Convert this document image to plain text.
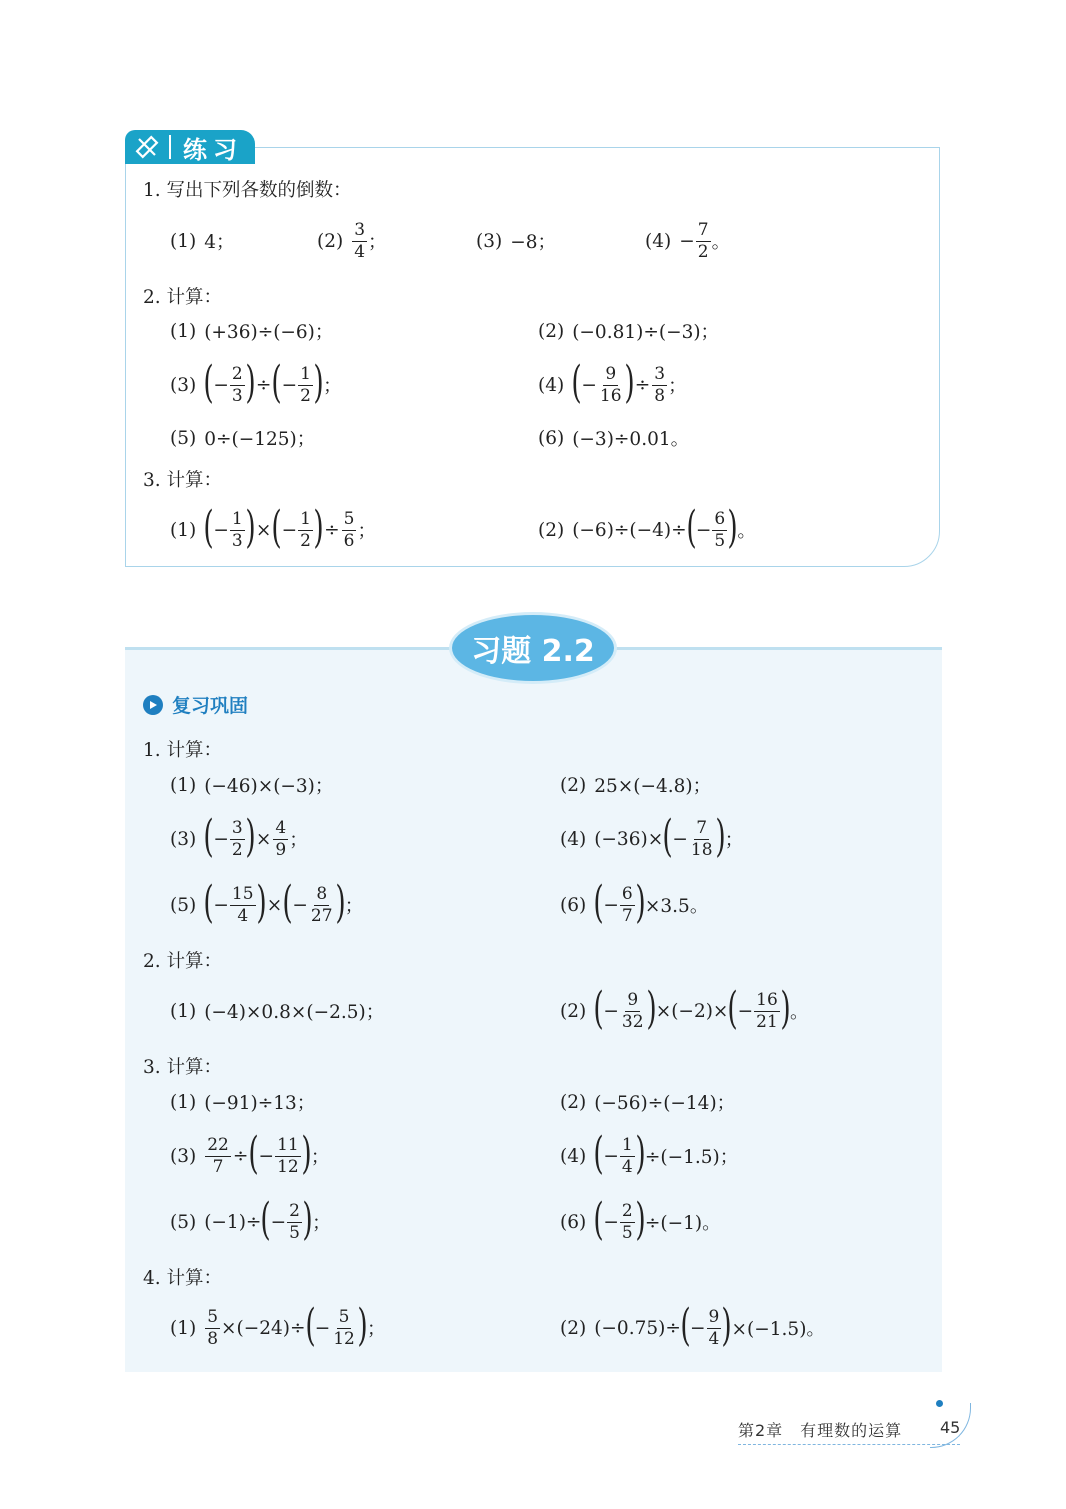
练习
1. 写出下列各数的倒数：
(1) 4；	$(2) \frac{3}{4}$ ；	(3) −8；	$(4) - \frac{7}{2}$ 。
2. 计算：
(1) (+36)÷(−6)；	(2) (−0.81)÷(−3)；
(3) ( − $\frac{2}{3}$ ) ÷ ( − $\frac{1}{2}$ ) ；	(4) ( − $\frac{9}{16}$ ) ÷ $\frac{3}{8}$ ；
(5) 0÷(−125)；	(6) (−3)÷0.01。
3. 计算：
(1) ( − $\frac{1}{3}$ ) × ( − $\frac{1}{2}$ ) ÷ $\frac{5}{6}$ ；	(2) (−6)÷(−4)÷ ( − $\frac{6}{5}$ ) 。
习题 2.2
复习巩固
1. 计算：
(1) (−46)×(−3)；	(2) 25×(−4.8)；
(3) ( − $\frac{3}{2}$ ) × $\frac{4}{9}$ ；	(4) (−36)× ( − $\frac{7}{18}$ ) ；
(5) ( − $\frac{15}{4}$ ) × ( − $\frac{8}{27}$ ) ；	(6) ( − $\frac{6}{7}$ ) ×3.5。
2. 计算：
(1) (−4)×0.8×(−2.5)；	(2) ( − $\frac{9}{32}$ ) ×(−2)× ( − $\frac{16}{21}$ ) 。
3. 计算：
(1) (−91)÷13；	(2) (−56)÷(−14)；
$(3) \frac{22}{7}$ ÷ ( − $\frac{11}{12}$ ) ；	(4) ( − $\frac{1}{4}$ ) ÷(−1.5)；
(5) (−1)÷ ( − $\frac{2}{5}$ ) ；	(6) ( − $\frac{2}{5}$ ) ÷(−1)。
4. 计算：
$(1) \frac{5}{8} \times(-24)\div$ ( − $\frac{5}{12}$ ) ；	(2) (−0.75)÷ ( − $\frac{9}{4}$ ) ×(−1.5)。
第2章　有理数的运算 45
